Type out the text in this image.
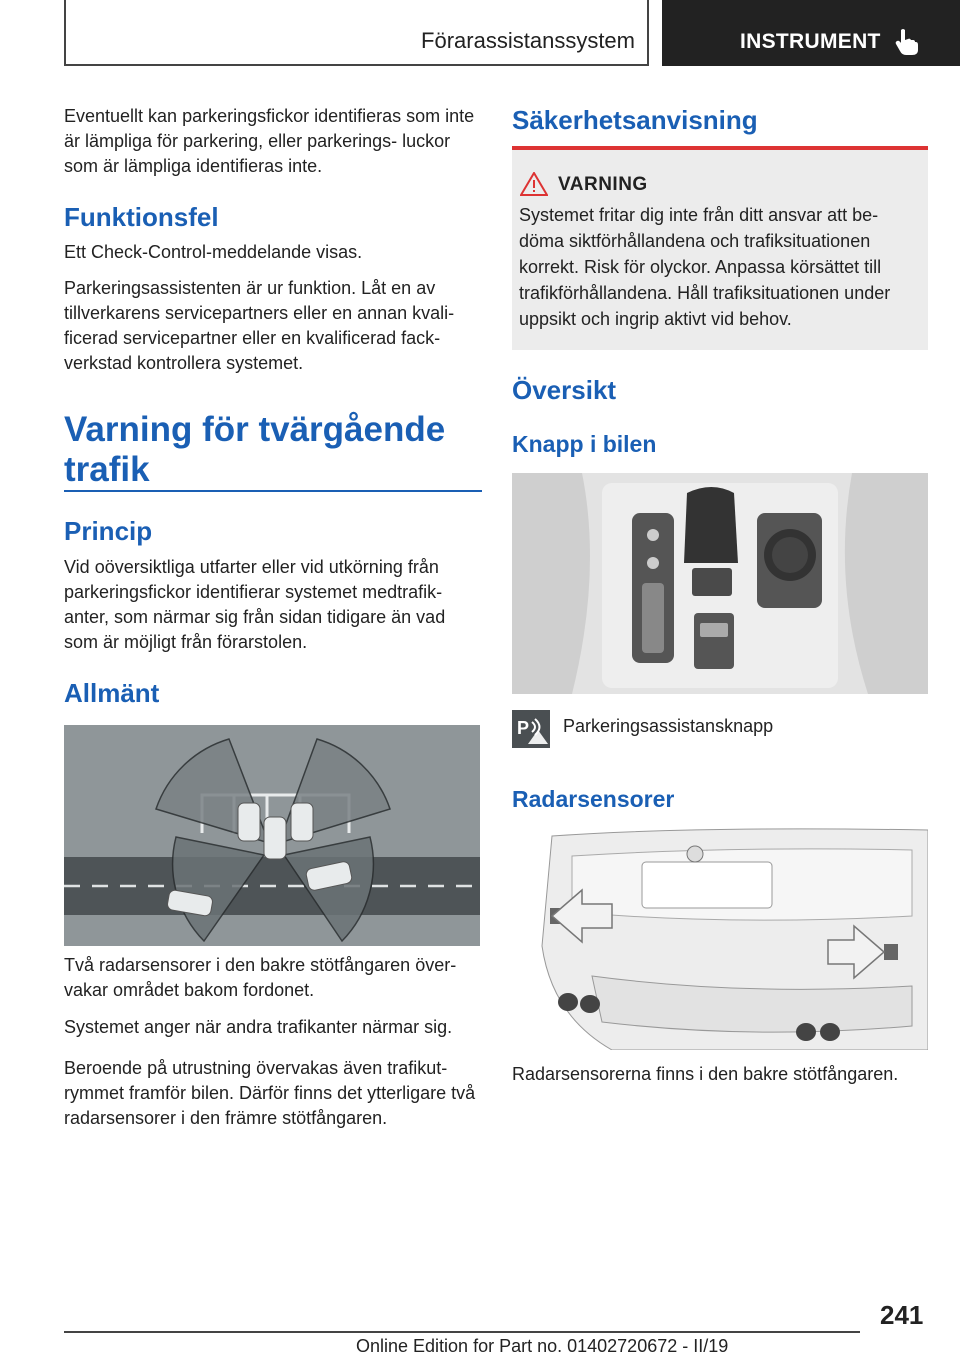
Förarassistanssystem	INSTRUMENT

Eventuellt kan parkeringsfickor identifieras som inte är lämpliga för parkering, eller parkerings- luckor som är lämpliga identifieras inte.

Funktionsfel

Ett Check-Control-meddelande visas.

Parkeringsassistenten är ur funktion. Låt en av tillverkarens servicepartners eller en annan kvali- ficerad servicepartner eller en kvalificerad fack- verkstad kontrollera systemet.

Varning för tvärgående trafik
Princip

Vid oöversiktliga utfarter eller vid utkörning från parkeringsfickor identifierar systemet medtrafik- anter, som närmar sig från sidan tidigare än vad som är möjligt från förarstolen.

Allmänt

Två radarsensorer i den bakre stötfångaren över- vakar området bakom fordonet.

Systemet anger när andra trafikanter närmar sig.

Beroende på utrustning övervakas även trafikut- rymmet framför bilen. Därför finns det ytterligare två radarsensorer i den främre stötfångaren.

Säkerhetsanvisning
VARNING
Systemet fritar dig inte från ditt ansvar att be- döma siktförhållandena och trafiksituationen korrekt. Risk för olyckor. Anpassa körsättet till trafikförhållandena. Håll trafiksituationen under uppsikt och ingrip aktivt vid behov.
Översikt
Knapp i bilen
P Parkeringsassistansknapp
Radarsensorer

Radarsensorerna finns i den bakre stötfångaren.

241
Online Edition for Part no. 01402720672 - II/19
